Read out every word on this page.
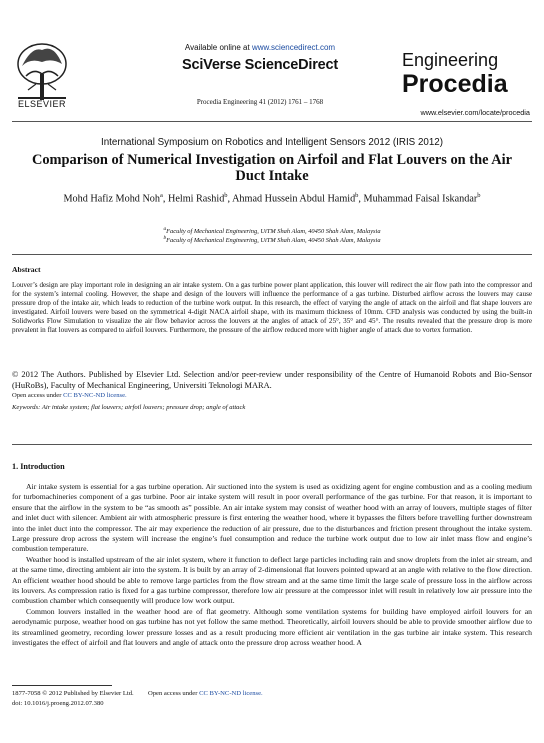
ELSEVIER
Available online at www.sciencedirect.com
SciVerse ScienceDirect
Procedia Engineering 41 (2012) 1761 – 1768
Engineering
Procedia
www.elsevier.com/locate/procedia
International Symposium on Robotics and Intelligent Sensors 2012 (IRIS 2012)
Comparison of Numerical Investigation on Airfoil and Flat Louvers on the Air Duct Intake
Mohd Hafiz Mohd Noh$^a$, Helmi Rashid$^b$, Ahmad Hussein Abdul Hamid$^b$, Muhammad Faisal Iskandar$^b$
$^a$Faculty of Mechanical Engineering, UiTM Shah Alam, 40450 Shah Alam, Malaysia
$^b$Faculty of Mechanical Engineering, UiTM Shah Alam, 40450 Shah Alam, Malaysia
Abstract
Louver’s design are play important role in designing an air intake system. On a gas turbine power plant application, this louver will redirect the air flow path into the compressor and for the system’s internal cooling. However, the shape and design of the louvers will influence the performance of a gas turbine. Disturbed airflow across the louvers may cause pressure drop of the intake air, which leads to reduction of the turbine work output. In this research, the effect of varying the angle of attack on the airfoil and flat shape louvers are investigated. Airfoil louvers were based on the symmetrical 4-digit NACA airfoil shape, with its maximum thickness of 10mm. CFD analysis was conducted by using the built-in Solidworks Flow Simulation to visualize the air flow behavior across the louvers at the angles of attack of 25°, 35° and 45°. The results revealed that the pressure drop is more prevalent in flat louvers as compared to airfoil louvers. Furthermore, the pressure of the airflow reduced more with higher angle of attack due to vortex formation.
© 2012 The Authors. Published by Elsevier Ltd. Selection and/or peer-review under responsibility of the Centre of Humanoid Robots and Bio-Sensor (HuRoBs), Faculty of Mechanical Engineering, Universiti Teknologi MARA.
Open access under CC BY-NC-ND license.
Keywords: Air intake system; flat louvers; airfoil louvers; pressure drop; angle of attack
1. Introduction

Air intake system is essential for a gas turbine operation. Air suctioned into the system is used as oxidizing agent for engine combustion and as a cooling medium for turbomachineries component of a gas turbine. Poor air intake system will result in poor overall performance of the gas turbine. For that reason, it is important to ensure that the airflow in the system to be “as smooth as” possible. An air intake system may consist of weather hood with an array of louvers, multiple stages of filter and inlet duct with silencer. Ambient air with atmospheric pressure is first entering the weather hood, where it bypasses the filters before travelling further downstream into the inlet duct into the compressor. The air may experience the reduction of air pressure, due to the disturbances and friction present throughout the intake system. Large pressure drop across the system will increase the engine’s fuel consumption and reduce the turbine work output due to low air inlet mass flow and engine’s combustion temperature.

Weather hood is installed upstream of the air inlet system, where it function to deflect large particles including rain and snow droplets from the inlet air stream, and at the same time, directing ambient air into the system. It is built by an array of 2-dimensional flat louvers pointed upward at an angle with relative to the flow direction. An efficient weather hood should be able to remove large particles from the flow stream and at the same time limit the large scale of pressure loss in the airflow across its louvers. As compression ratio is fixed for a gas turbine compressor, therefore low air pressure at the compressor inlet will result in relatively low air pressure into the combustion chamber which consequently will produce low work output.

Common louvers installed in the weather hood are of flat geometry. Although some ventilation systems for building have employed airfoil louvers for an aerodynamic purpose, weather hood on gas turbine has not yet follow the same method. Theoretically, airfoil louvers should be able to provide smoother airflow due to its streamlined geometry, recording lower pressure losses and as a result producing more efficient air ventilation in the gas turbine air intake system. This research investigates the effect of airfoil and flat louvers and angle of attack onto the pressure drop across weather hood. A

1877-7058 © 2012 Published by Elsevier Ltd. Open access under CC BY-NC-ND license.
doi: 10.1016/j.proeng.2012.07.380
